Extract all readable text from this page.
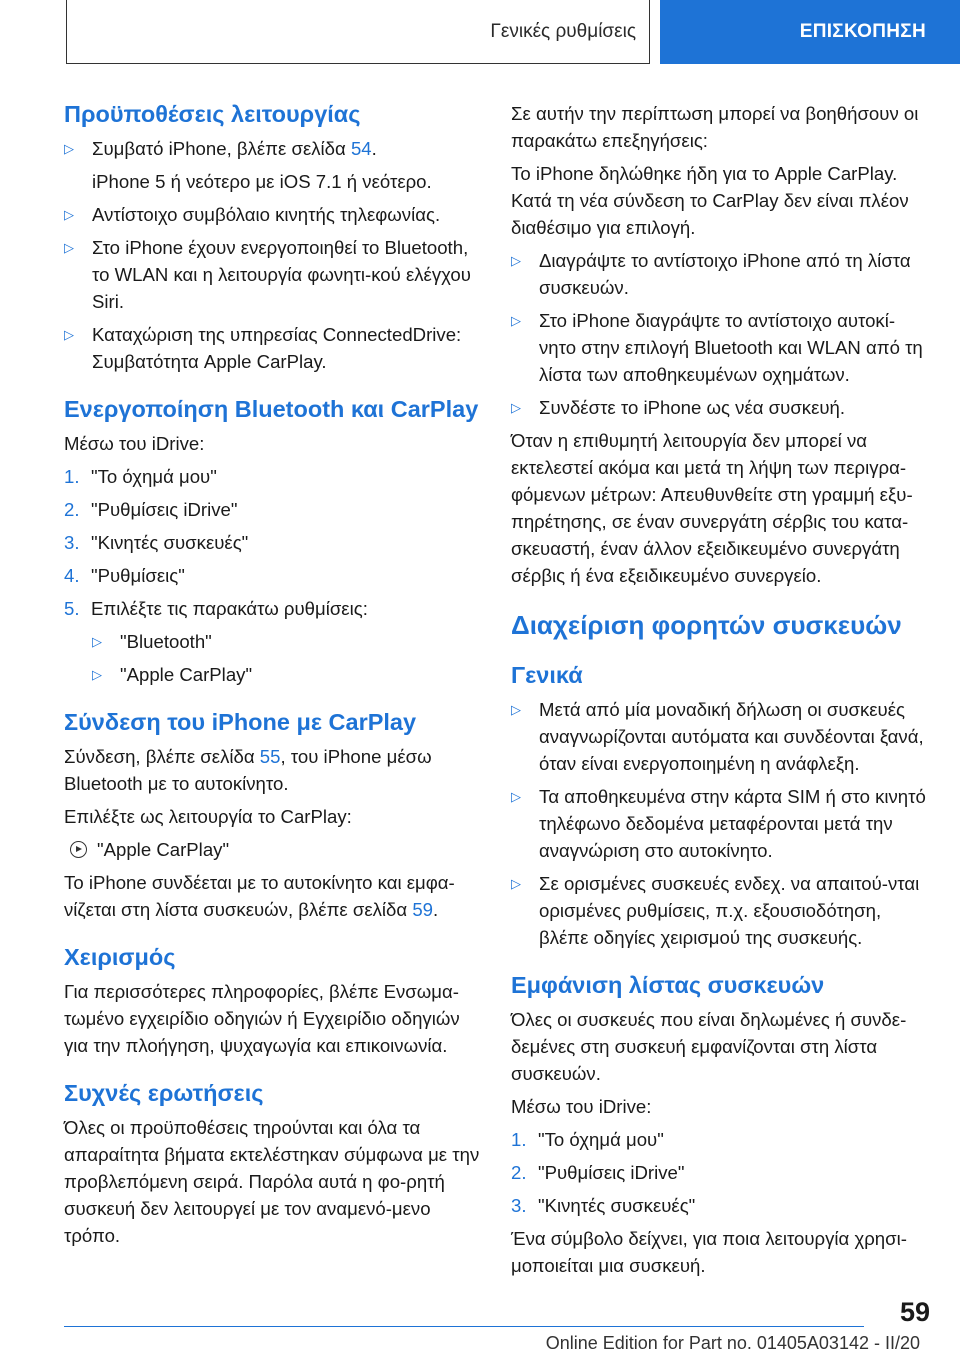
Γενικές ρυθμίσεις	ΕΠΙΣΚΟΠΗΣΗ
Προϋποθέσεις λειτουργίας
▷ Συμβατό iPhone, βλέπε σελίδα 54.

iPhone 5 ή νεότερο με iOS 7.1 ή νεότερο.

▷ Αντίστοιχο συμβόλαιο κινητής τηλεφωνίας.
▷ Στο iPhone έχουν ενεργοποιηθεί το Bluetooth, το WLAN και η λειτουργία φωνητι-κού ελέγχου Siri.
▷ Καταχώριση της υπηρεσίας ConnectedDrive: Συμβατότητα Apple CarPlay.
Ενεργοποίηση Bluetooth και CarPlay

Μέσω του iDrive:

1. "Το όχημά μου"
2. "Ρυθμίσεις iDrive"
3. "Κινητές συσκευές"
4. "Ρυθμίσεις"
5. Επιλέξτε τις παρακάτω ρυθμίσεις:
▷ "Bluetooth"
▷ "Apple CarPlay"
Σύνδεση του iPhone με CarPlay

Σύνδεση, βλέπε σελίδα 55, του iPhone μέσω Bluetooth με το αυτοκίνητο.

Επιλέξτε ως λειτουργία το CarPlay:

"Apple CarPlay"

Το iPhone συνδέεται με το αυτοκίνητο και εμφα-νίζεται στη λίστα συσκευών, βλέπε σελίδα 59.

Χειρισμός

Για περισσότερες πληροφορίες, βλέπε Ενσωμα-τωμένο εγχειρίδιο οδηγιών ή Εγχειρίδιο οδηγιών για την πλοήγηση, ψυχαγωγία και επικοινωνία.

Συχνές ερωτήσεις

Όλες οι προϋποθέσεις τηρούνται και όλα τα απαραίτητα βήματα εκτελέστηκαν σύμφωνα με την προβλεπόμενη σειρά. Παρόλα αυτά η φο-ρητή συσκευή δεν λειτουργεί με τον αναμενό-μενο τρόπο.

Σε αυτήν την περίπτωση μπορεί να βοηθήσουν οι παρακάτω επεξηγήσεις:

Το iPhone δηλώθηκε ήδη για το Apple CarPlay. Κατά τη νέα σύνδεση το CarPlay δεν είναι πλέον διαθέσιμο για επιλογή.

▷ Διαγράψτε το αντίστοιχο iPhone από τη λίστα συσκευών.
▷ Στο iPhone διαγράψτε το αντίστοιχο αυτοκί-νητο στην επιλογή Bluetooth και WLAN από τη λίστα των αποθηκευμένων οχημάτων.
▷ Συνδέστε το iPhone ως νέα συσκευή.

Όταν η επιθυμητή λειτουργία δεν μπορεί να εκτελεστεί ακόμα και μετά τη λήψη των περιγρα-φόμενων μέτρων: Απευθυνθείτε στη γραμμή εξυ-πηρέτησης, σε έναν συνεργάτη σέρβις του κατα-σκευαστή, έναν άλλον εξειδικευμένο συνεργάτη σέρβις ή ένα εξειδικευμένο συνεργείο.

Διαχείριση φορητών συσκευών
Γενικά
▷ Μετά από μία μοναδική δήλωση οι συσκευές αναγνωρίζονται αυτόματα και συνδέονται ξανά, όταν είναι ενεργοποιημένη η ανάφλεξη.
▷ Τα αποθηκευμένα στην κάρτα SIM ή στο κινητό τηλέφωνο δεδομένα μεταφέρονται μετά την αναγνώριση στο αυτοκίνητο.
▷ Σε ορισμένες συσκευές ενδεχ. να απαιτού-νται ορισμένες ρυθμίσεις, π.χ. εξουσιοδότηση, βλέπε οδηγίες χειρισμού της συσκευής.
Εμφάνιση λίστας συσκευών

Όλες οι συσκευές που είναι δηλωμένες ή συνδε-δεμένες στη συσκευή εμφανίζονται στη λίστα συσκευών.

Μέσω του iDrive:

1. "Το όχημά μου"
2. "Ρυθμίσεις iDrive"
3. "Κινητές συσκευές"

Ένα σύμβολο δείχνει, για ποια λειτουργία χρησι-μοποιείται μια συσκευή.

59
Online Edition for Part no. 01405A03142 - II/20
